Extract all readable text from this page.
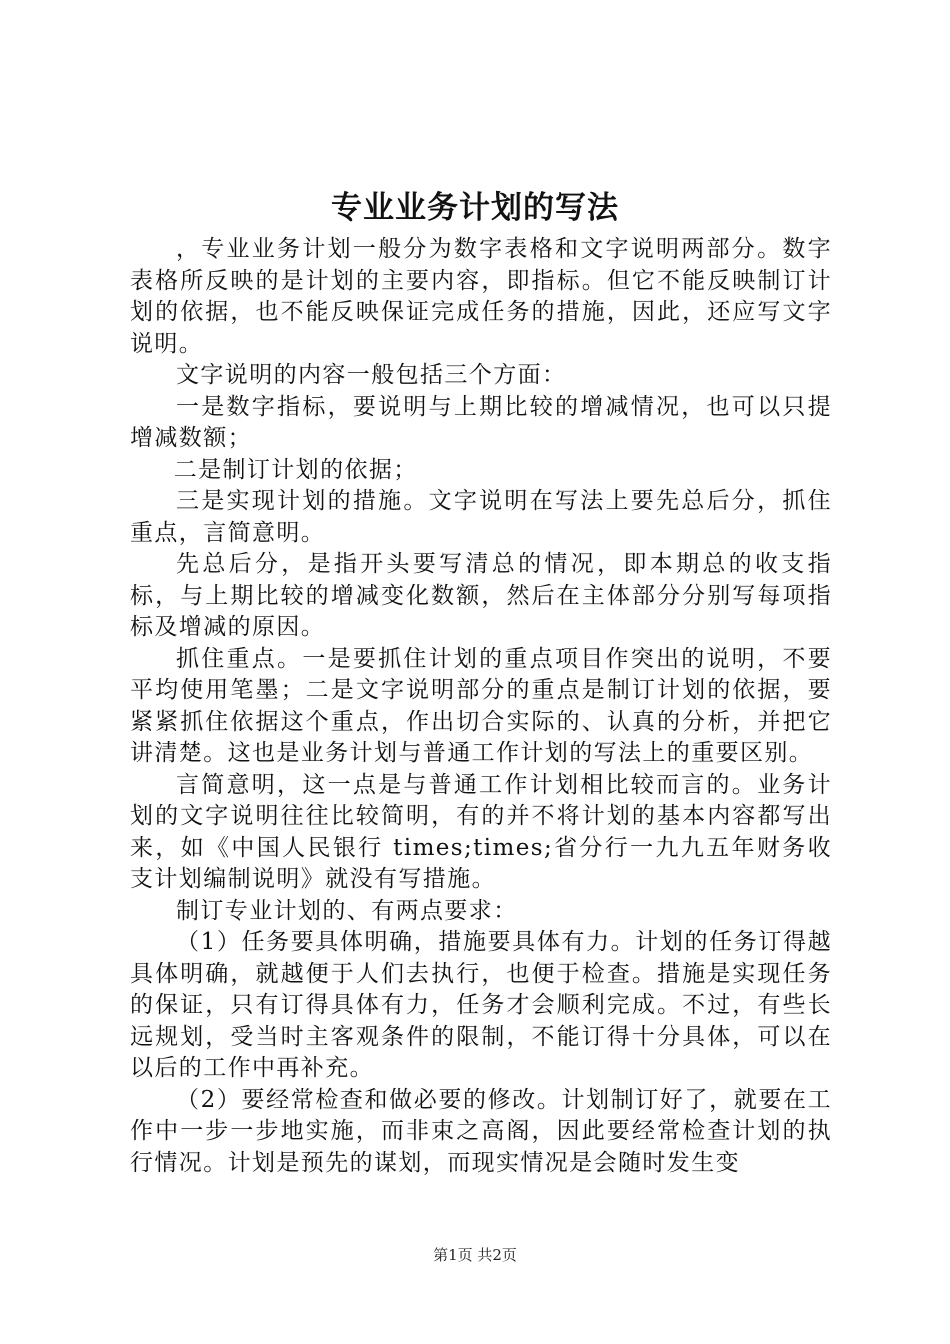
专业业务计划的写法

，专业业务计划一般分为数字表格和文字说明两部分。数字表格所反映的是计划的主要内容，即指标。但它不能反映制订计划的依据，也不能反映保证完成任务的措施，因此，还应写文字说明。

文字说明的内容一般包括三个方面：

一是数字指标，要说明与上期比较的增减情况，也可以只提增减数额；

二是制订计划的依据；

三是实现计划的措施。文字说明在写法上要先总后分，抓住重点，言简意明。

先总后分，是指开头要写清总的情况，即本期总的收支指标，与上期比较的增减变化数额，然后在主体部分分别写每项指标及增减的原因。

抓住重点。一是要抓住计划的重点项目作突出的说明，不要平均使用笔墨；二是文字说明部分的重点是制订计划的依据，要紧紧抓住依据这个重点，作出切合实际的、认真的分析，并把它讲清楚。这也是业务计划与普通工作计划的写法上的重要区别。

言简意明，这一点是与普通工作计划相比较而言的。业务计划的文字说明往往比较简明，有的并不将计划的基本内容都写出来，如《中国人民银行 times;times;省分行一九九五年财务收支计划编制说明》就没有写措施。

制订专业计划的、有两点要求：

（1）任务要具体明确，措施要具体有力。计划的任务订得越具体明确，就越便于人们去执行，也便于检查。措施是实现任务的保证，只有订得具体有力，任务才会顺利完成。不过，有些长远规划，受当时主客观条件的限制，不能订得十分具体，可以在以后的工作中再补充。

（2）要经常检查和做必要的修改。计划制订好了，就要在工作中一步一步地实施，而非束之高阁，因此要经常检查计划的执行情况。计划是预先的谋划，而现实情况是会随时发生变

第1页 共2页
